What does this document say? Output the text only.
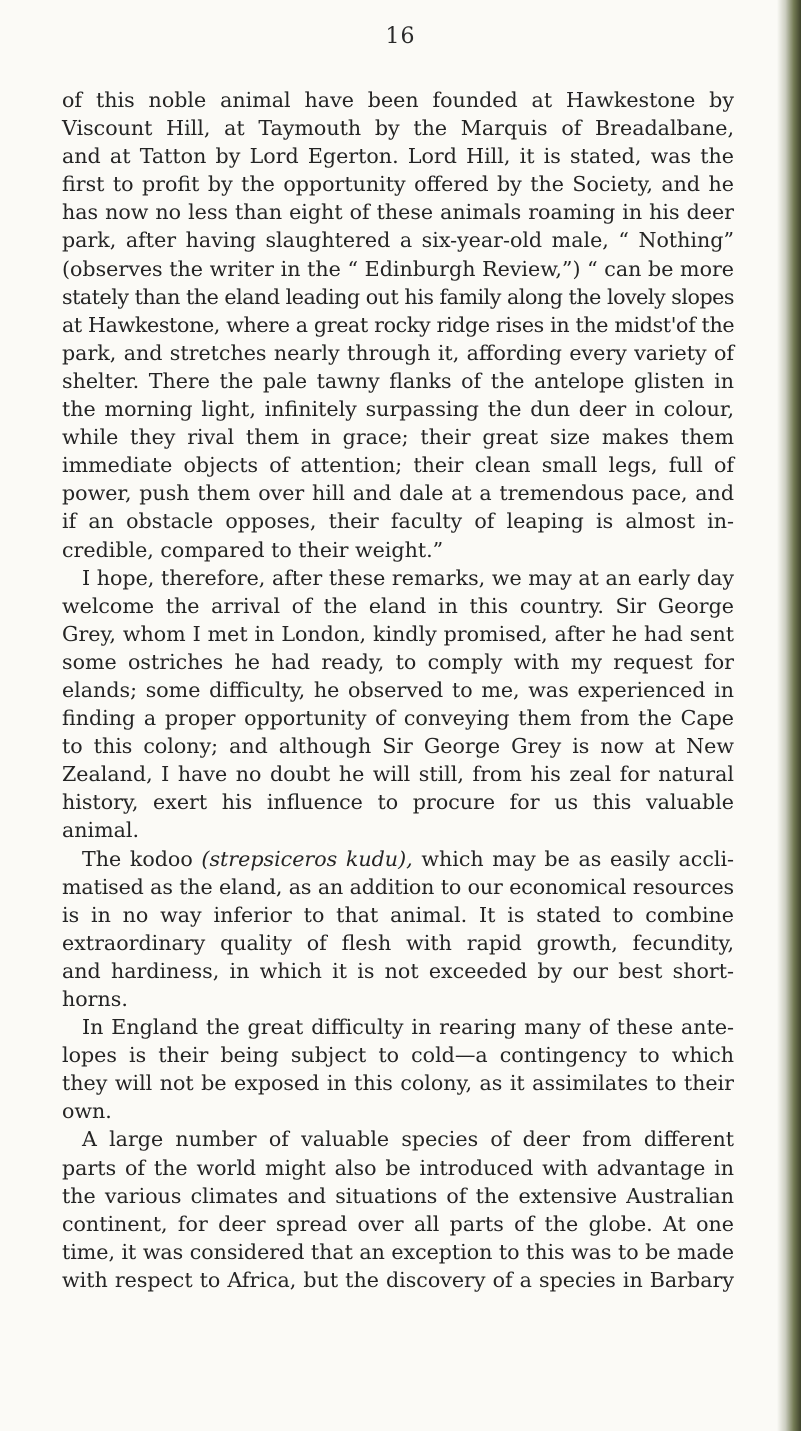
16
of this noble animal have been founded at Hawkestone by
Viscount Hill, at Taymouth by the Marquis of Breadalbane,
and at Tatton by Lord Egerton. Lord Hill, it is stated, was the
first to profit by the opportunity offered by the Society, and he
has now no less than eight of these animals roaming in his deer
park, after having slaughtered a six-year-old male, “ Nothing”
(observes the writer in the “ Edinburgh Review,”) “ can be more
stately than the eland leading out his family along the lovely slopes
at Hawkestone, where a great rocky ridge rises in the midst'of the
park, and stretches nearly through it, affording every variety of
shelter. There the pale tawny flanks of the antelope glisten in
the morning light, infinitely surpassing the dun deer in colour,
while they rival them in grace; their great size makes them
immediate objects of attention; their clean small legs, full of
power, push them over hill and dale at a tremendous pace, and
if an obstacle opposes, their faculty of leaping is almost in-
credible, compared to their weight.”
I hope, therefore, after these remarks, we may at an early day
welcome the arrival of the eland in this country. Sir George
Grey, whom I met in London, kindly promised, after he had sent
some ostriches he had ready, to comply with my request for
elands; some difficulty, he observed to me, was experienced in
finding a proper opportunity of conveying them from the Cape
to this colony; and although Sir George Grey is now at New
Zealand, I have no doubt he will still, from his zeal for natural
history, exert his influence to procure for us this valuable
animal.
The kodoo (strepsiceros kudu), which may be as easily accli-
matised as the eland, as an addition to our economical resources
is in no way inferior to that animal. It is stated to combine
extraordinary quality of flesh with rapid growth, fecundity,
and hardiness, in which it is not exceeded by our best short-
horns.
In England the great difficulty in rearing many of these ante-
lopes is their being subject to cold—a contingency to which
they will not be exposed in this colony, as it assimilates to their
own.
A large number of valuable species of deer from different
parts of the world might also be introduced with advantage in
the various climates and situations of the extensive Australian
continent, for deer spread over all parts of the globe. At one
time, it was considered that an exception to this was to be made
with respect to Africa, but the discovery of a species in Barbary
